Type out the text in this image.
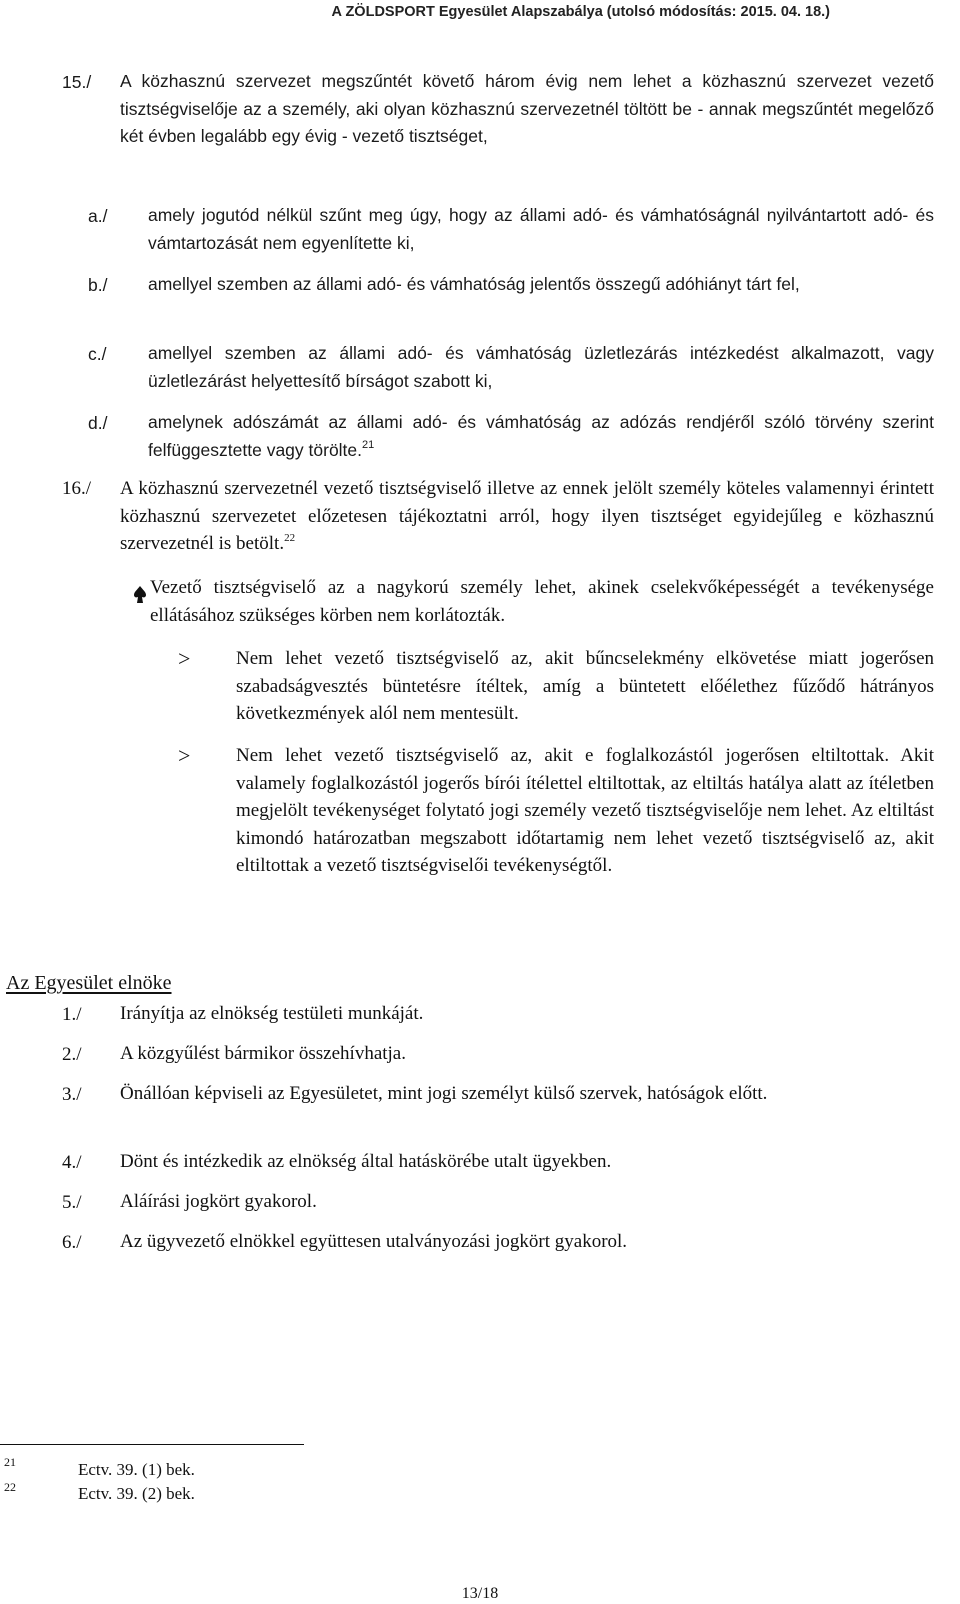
A ZÖLDSPORT Egyesület Alapszabálya (utolsó módosítás: 2015. 04. 18.)
15./ A közhasznú szervezet megszűntét követő három évig nem lehet a közhasznú szervezet vezető tisztségviselője az a személy, aki olyan közhasznú szervezetnél töltött be - annak megszűntét megelőző két évben legalább egy évig - vezető tisztséget,
a./ amely jogutód nélkül szűnt meg úgy, hogy az állami adó- és vámhatóságnál nyilvántartott adó- és vámtartozását nem egyenlítette ki,
b./ amellyel szemben az állami adó- és vámhatóság jelentős összegű adóhiányt tárt fel,
c./ amellyel szemben az állami adó- és vámhatóság üzletlezárás intézkedést alkalmazott, vagy üzletlezárást helyettesítő bírságot szabott ki,
d./ amelynek adószámát az állami adó- és vámhatóság az adózás rendjéről szóló törvény szerint felfüggesztette vagy törölte.$^{21}$
16./ A közhasznú szervezetnél vezető tisztségviselő illetve az ennek jelölt személy köteles valamennyi érintett közhasznú szervezetet előzetesen tájékoztatni arról, hogy ilyen tisztséget egyidejűleg e közhasznú szervezetnél is betölt.$^{22}$
Vezető tisztségviselő az a nagykorú személy lehet, akinek cselekvőképességét a tevékenysége ellátásához szükséges körben nem korlátozták.
> Nem lehet vezető tisztségviselő az, akit bűncselekmény elkövetése miatt jogerősen szabadságvesztés büntetésre ítéltek, amíg a büntetett előélethez fűződő hátrányos következmények alól nem mentesült.
> Nem lehet vezető tisztségviselő az, akit e foglalkozástól jogerősen eltiltottak. Akit valamely foglalkozástól jogerős bírói ítélettel eltiltottak, az eltiltás hatálya alatt az ítéletben megjelölt tevékenységet folytató jogi személy vezető tisztségviselője nem lehet. Az eltiltást kimondó határozatban megszabott időtartamig nem lehet vezető tisztségviselő az, akit eltiltottak a vezető tisztségviselői tevékenységtől.
Az Egyesület elnöke
1./ Irányítja az elnökség testületi munkáját.
2./ A közgyűlést bármikor összehívhatja.
3./ Önállóan képviseli az Egyesületet, mint jogi személyt külső szervek, hatóságok előtt.
4./ Dönt és intézkedik az elnökség által hatáskörébe utalt ügyekben.
5./ Aláírási jogkört gyakorol.
6./ Az ügyvezető elnökkel együttesen utalványozási jogkört gyakorol.
21	Ectv. 39. (1) bek.
22	Ectv. 39. (2) bek.
13/18
